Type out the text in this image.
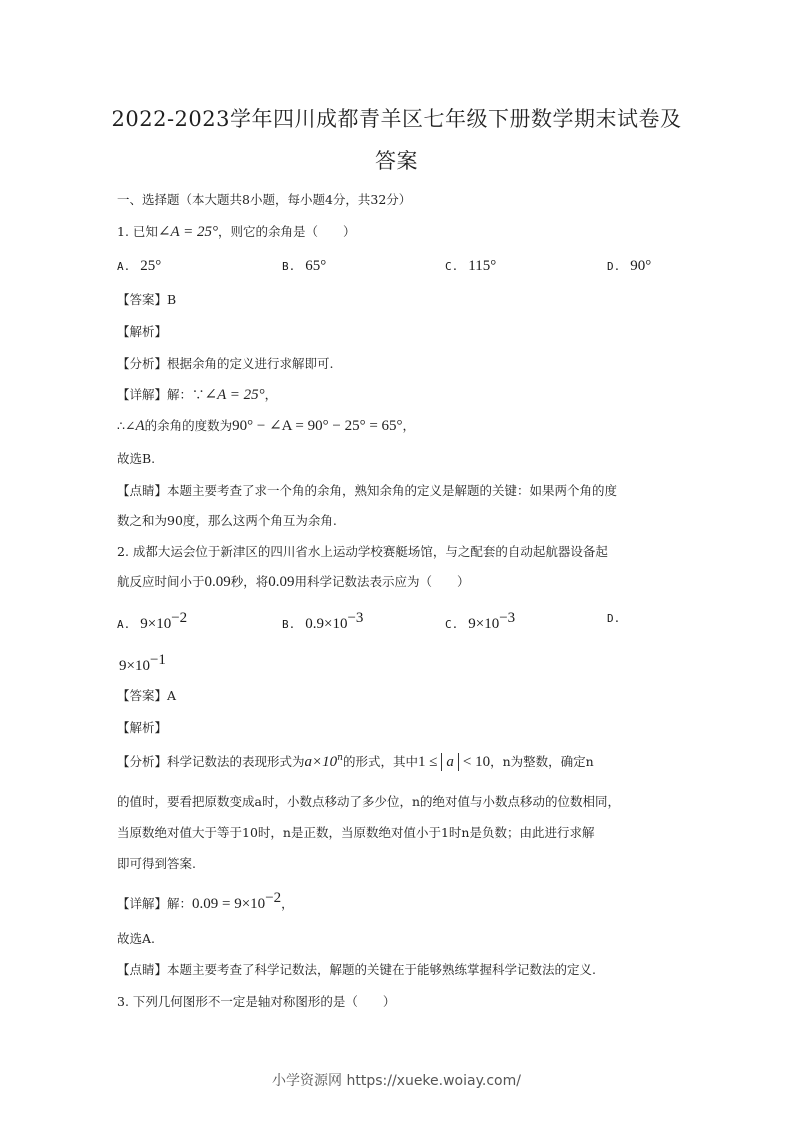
2022-2023学年四川成都青羊区七年级下册数学期末试卷及
答案
一、选择题（本大题共8小题，每小题4分，共32分）
1. 已知∠A = 25°，则它的余角是（　　）
A. 25°	B. 65°	C. 115°	D. 90°
【答案】B
【解析】
【分析】根据余角的定义进行求解即可.
【详解】解：∵∠A = 25°，
∴∠A的余角的度数为90° − ∠A = 90° − 25° = 65°，
故选B.
【点睛】本题主要考查了求一个角的余角，熟知余角的定义是解题的关键：如果两个角的度
数之和为90度，那么这两个角互为余角.
2. 成都大运会位于新津区的四川省水上运动学校赛艇场馆，与之配套的自动起航器设备起
航反应时间小于0.09秒，将0.09用科学记数法表示应为（　　）
A. $9\times 10^{-2}$	B. $0.9\times 10^{-3}$	C. $9\times 10^{-3}$	D.
$9\times 10^{-1}$
【答案】A
【解析】
【分析】科学记数法的表现形式为$a\times 10^n$的形式，其中1 ≤ a < 10，n为整数，确定n
的值时，要看把原数变成a时，小数点移动了多少位，n的绝对值与小数点移动的位数相同，
当原数绝对值大于等于10时，n是正数，当原数绝对值小于1时n是负数；由此进行求解
即可得到答案.
【详解】解：$0.09 = 9\times 10^{-2}$，
故选A.
【点睛】本题主要考查了科学记数法，解题的关键在于能够熟练掌握科学记数法的定义.
3. 下列几何图形不一定是轴对称图形的是（　　）
小学资源网 https://xueke.woiay.com/
